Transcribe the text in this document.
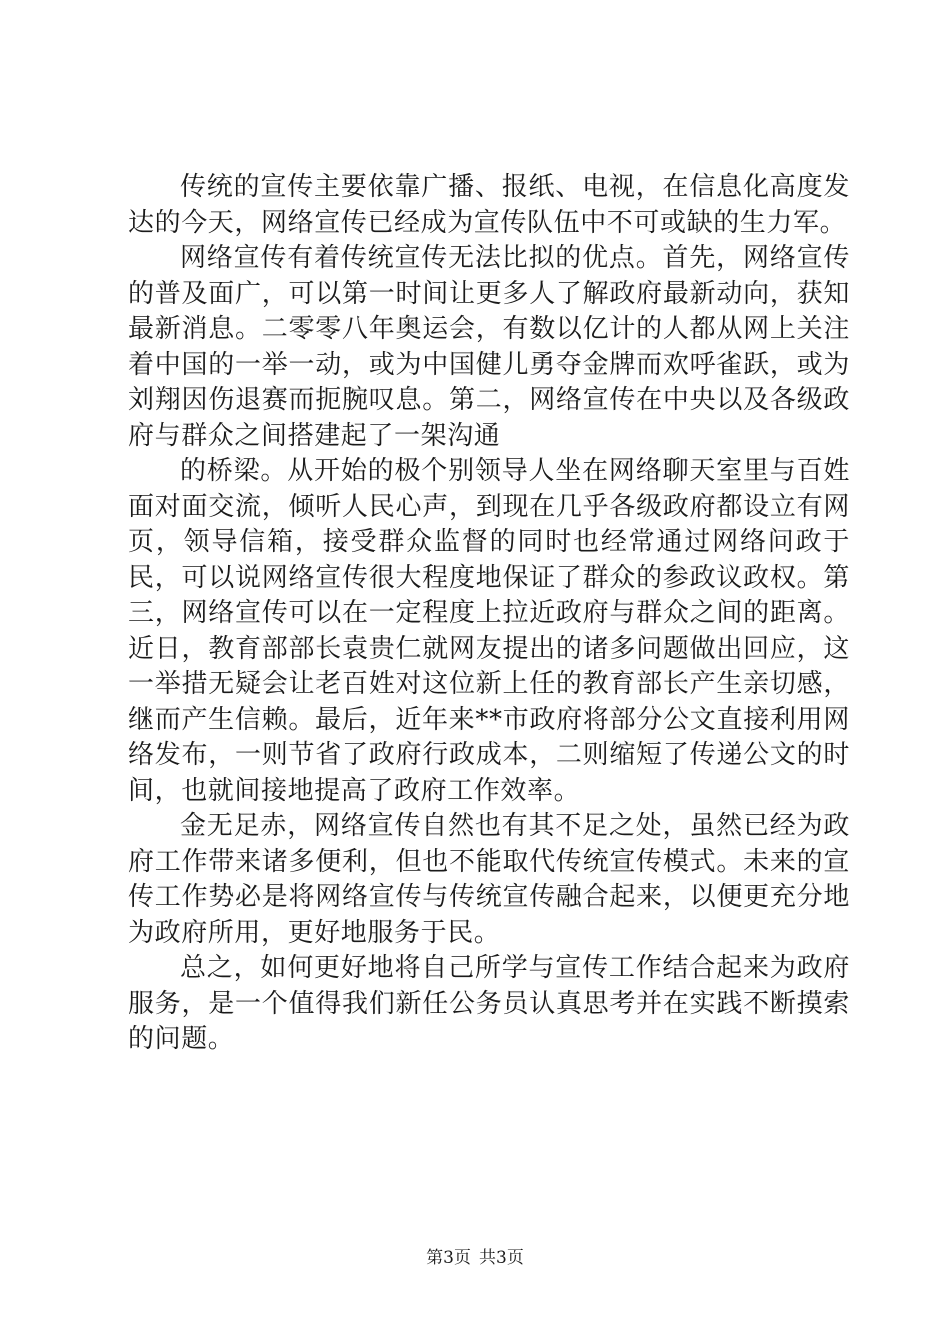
传统的宣传主要依靠广播、报纸、电视，在信息化高度发达的今天，网络宣传已经成为宣传队伍中不可或缺的生力军。

网络宣传有着传统宣传无法比拟的优点。首先，网络宣传的普及面广，可以第一时间让更多人了解政府最新动向，获知最新消息。二零零八年奥运会，有数以亿计的人都从网上关注着中国的一举一动，或为中国健儿勇夺金牌而欢呼雀跃，或为刘翔因伤退赛而扼腕叹息。第二，网络宣传在中央以及各级政府与群众之间搭建起了一架沟通

的桥梁。从开始的极个别领导人坐在网络聊天室里与百姓面对面交流，倾听人民心声，到现在几乎各级政府都设立有网页，领导信箱，接受群众监督的同时也经常通过网络问政于民，可以说网络宣传很大程度地保证了群众的参政议政权。第三，网络宣传可以在一定程度上拉近政府与群众之间的距离。近日，教育部部长袁贵仁就网友提出的诸多问题做出回应，这一举措无疑会让老百姓对这位新上任的教育部长产生亲切感，继而产生信赖。最后，近年来**市政府将部分公文直接利用网络发布，一则节省了政府行政成本，二则缩短了传递公文的时间，也就间接地提高了政府工作效率。

金无足赤，网络宣传自然也有其不足之处，虽然已经为政府工作带来诸多便利，但也不能取代传统宣传模式。未来的宣传工作势必是将网络宣传与传统宣传融合起来，以便更充分地为政府所用，更好地服务于民。

总之，如何更好地将自己所学与宣传工作结合起来为政府服务，是一个值得我们新任公务员认真思考并在实践不断摸索的问题。

第3页 共3页
